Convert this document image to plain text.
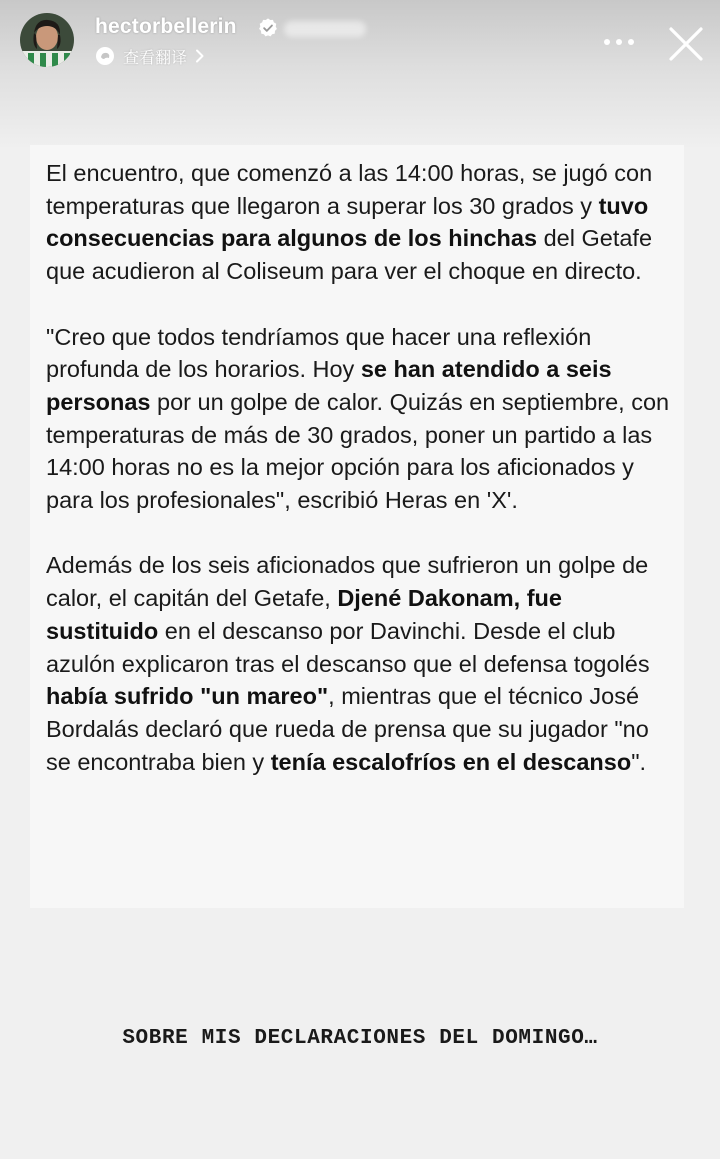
hectorbellerin
查看翻译

El encuentro, que comenzó a las 14:00 horas, se jugó con temperaturas que llegaron a superar los 30 grados y tuvo consecuencias para algunos de los hinchas del Getafe que acudieron al Coliseum para ver el choque en directo.

"Creo que todos tendríamos que hacer una reflexión profunda de los horarios. Hoy se han atendido a seis personas por un golpe de calor. Quizás en septiembre, con temperaturas de más de 30 grados, poner un partido a las 14:00 horas no es la mejor opción para los aficionados y para los profesionales", escribió Heras en 'X'.

Además de los seis aficionados que sufrieron un golpe de calor, el capitán del Getafe, Djené Dakonam, fue sustituido en el descanso por Davinchi. Desde el club azulón explicaron tras el descanso que el defensa togolés había sufrido "un mareo", mientras que el técnico José Bordalás declaró que rueda de prensa que su jugador "no se encontraba bien y tenía escalofríos en el descanso".

SOBRE MIS DECLARACIONES DEL DOMINGO…
